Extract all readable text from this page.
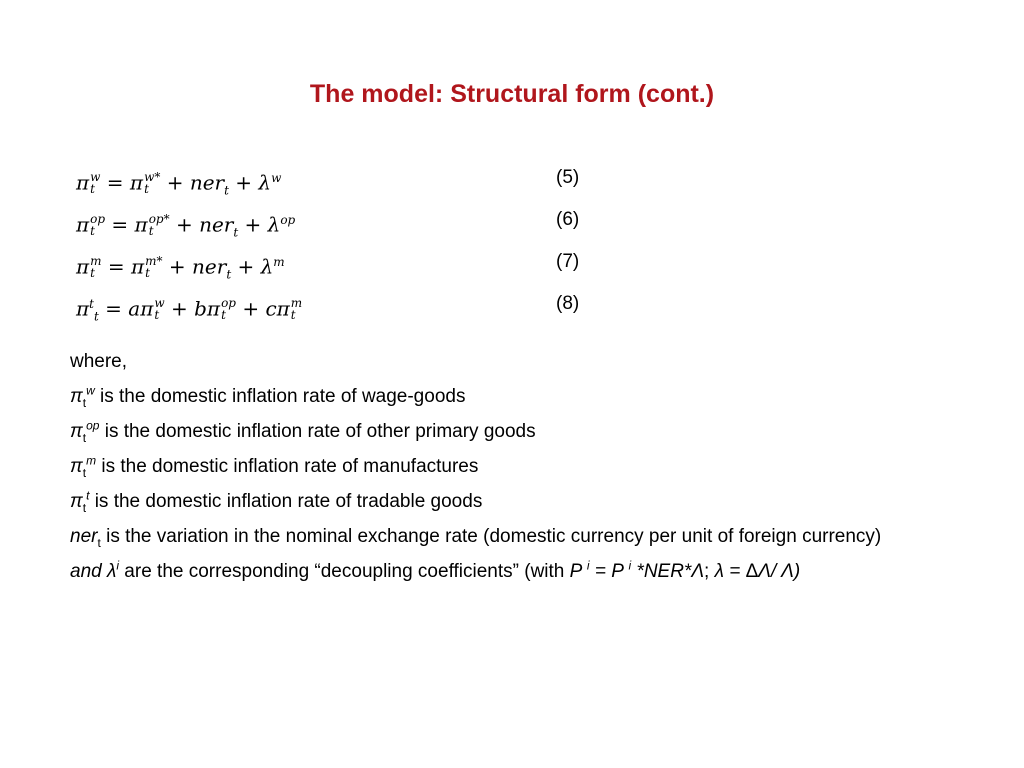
The model: Structural form (cont.)
π w
t = π w*
$t + ner_t + \lambda^w$	(5)
π op
t = π op*
$t + ner_t + \lambda^{op}$	(6)
π m
t = π m*
$t + ner_t + \lambda^m$	(7)
$\pi^t_t = a\pi$ w
t + bπ op
t + cπ m
t
(8)
where,
$\pi_t^w$ is the domestic inflation rate of wage-goods
$\pi_t^{op}$ is the domestic inflation rate of other primary goods
$\pi_t^m$ is the domestic inflation rate of manufactures
$\pi_t^t$ is the domestic inflation rate of tradable goods
ner$_t$ is the variation in the nominal exchange rate (domestic currency per unit of foreign currency)
and $\lambda^i$ are the corresponding “decoupling coefficients” (with P $^i$ = P $^i$ *NER*Λ; λ = ΔΛ/ Λ)
